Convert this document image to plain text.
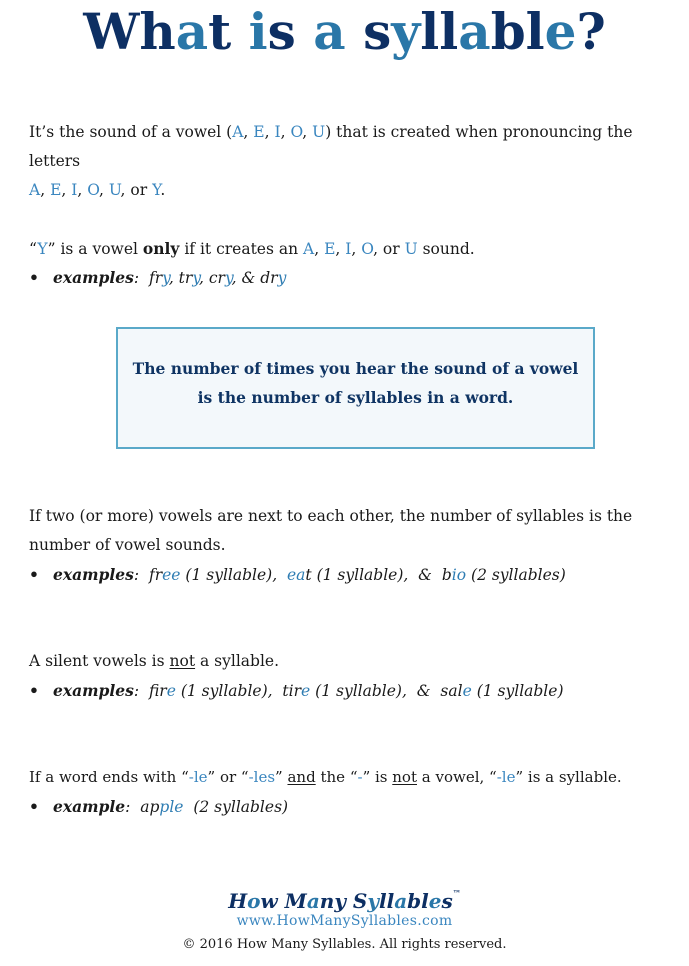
What is a syllable?
It’s the sound of a vowel (A, E, I, O, U) that is created when pronouncing the letters
A, E, I, O, U, or Y.
“Y” is a vowel only if it creates an A, E, I, O, or U sound.
• examples:  fry, try, cry, & dry
The number of times you hear the sound of a vowel
is the number of syllables in a word.
If two (or more) vowels are next to each other, the number of syllables is the
number of vowel sounds.
• examples:  free (1 syllable),  eat (1 syllable),  &  bio (2 syllables)
A silent vowels is not a syllable.
• examples:  fire (1 syllable),  tire (1 syllable),  &  sale (1 syllable)
If a word ends with “-le” or “-les” and the “-” is not a vowel, “-le” is a syllable.
• example:  apple (2 syllables)
How Many Syllables™
www.HowManySyllables.com
© 2016 How Many Syllables. All rights reserved.
